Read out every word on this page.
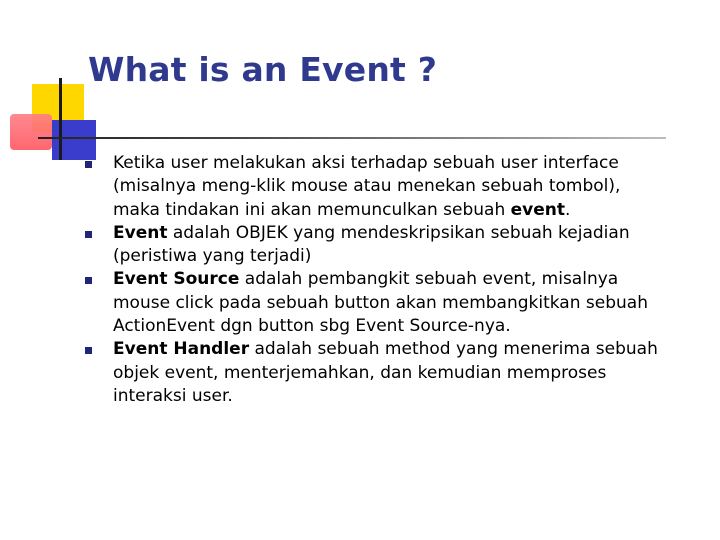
What is an Event ?
Ketika user melakukan aksi terhadap sebuah user interface (misalnya meng-klik mouse atau menekan sebuah tombol), maka tindakan ini akan memunculkan sebuah event.
Event adalah OBJEK yang mendeskripsikan sebuah kejadian (peristiwa yang terjadi)
Event Source adalah pembangkit sebuah event, misalnya mouse click pada sebuah button akan membangkitkan sebuah ActionEvent dgn button sbg Event Source-nya.
Event Handler adalah sebuah method yang menerima sebuah objek event, menterjemahkan, dan kemudian memproses interaksi user.
